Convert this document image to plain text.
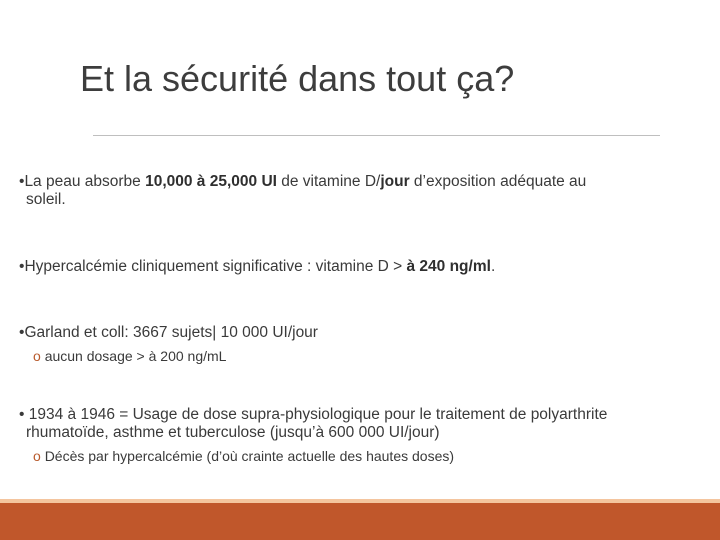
Et la sécurité dans tout ça?
•La peau absorbe 10,000 à 25,000 UI de vitamine D/jour d’exposition adéquate au
soleil.
•Hypercalcémie cliniquement significative : vitamine D > à 240 ng/ml.
•Garland et coll: 3667 sujets| 10 000 UI/jour
o aucun dosage > à 200 ng/mL
• 1934 à 1946 = Usage de dose supra-physiologique pour le traitement de polyarthrite
rhumatoïde, asthme et tuberculose (jusqu’à 600 000 UI/jour)
o Décès par hypercalcémie (d’où crainte actuelle des hautes doses)
